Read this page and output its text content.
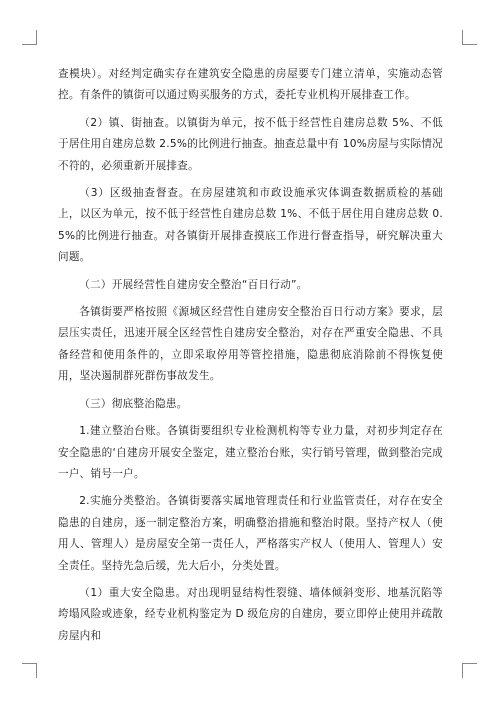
查模块）。对经判定确实存在建筑安全隐患的房屋要专门建立清单，实施动态管控。有条件的镇街可以通过购买服务的方式，委托专业机构开展排查工作。

（2）镇、街抽查。以镇街为单元，按不低于经营性自建房总数 5%、不低于居住用自建房总数 2.5%的比例进行抽查。抽查总量中有 10%房屋与实际情况不符的，必须重新开展排查。

（3）区级抽查督查。在房屋建筑和市政设施承灾体调查数据质检的基础上，以区为单元，按不低于经营性自建房总数 1%、不低于居住用自建房总数 0.5%的比例进行抽查。对各镇街开展排查摸底工作进行督查指导，研究解决重大问题。

（二）开展经营性自建房安全整治“百日行动”。

各镇街要严格按照《源城区经营性自建房安全整治百日行动方案》要求，层层压实责任，迅速开展全区经营性自建房安全整治，对存在严重安全隐患、不具备经营和使用条件的，立即采取停用等管控措施，隐患彻底消除前不得恢复使用，坚决遏制群死群伤事故发生。

（三）彻底整治隐患。

1.建立整治台账。各镇街要组织专业检测机构等专业力量，对初步判定存在安全隐患的‘自建房开展安全鉴定，建立整治台账，实行销号管理，做到整治完成一户、销号一户。

2.实施分类整治。各镇街要落实属地管理责任和行业监管责任，对存在安全隐患的自建房，逐一制定整治方案，明确整治措施和整治时限。坚持产权人（使用人、管理人）是房屋安全第一责任人，严格落实产权人（使用人、管理人）安全责任。坚持先急后缓，先大后小，分类处置。

（1）重大安全隐患。对出现明显结构性裂缝、墙体倾斜变形、地基沉陷等垮塌风险或迹象，经专业机构鉴定为 D 级危房的自建房，要立即停止使用并疏散房屋内和
